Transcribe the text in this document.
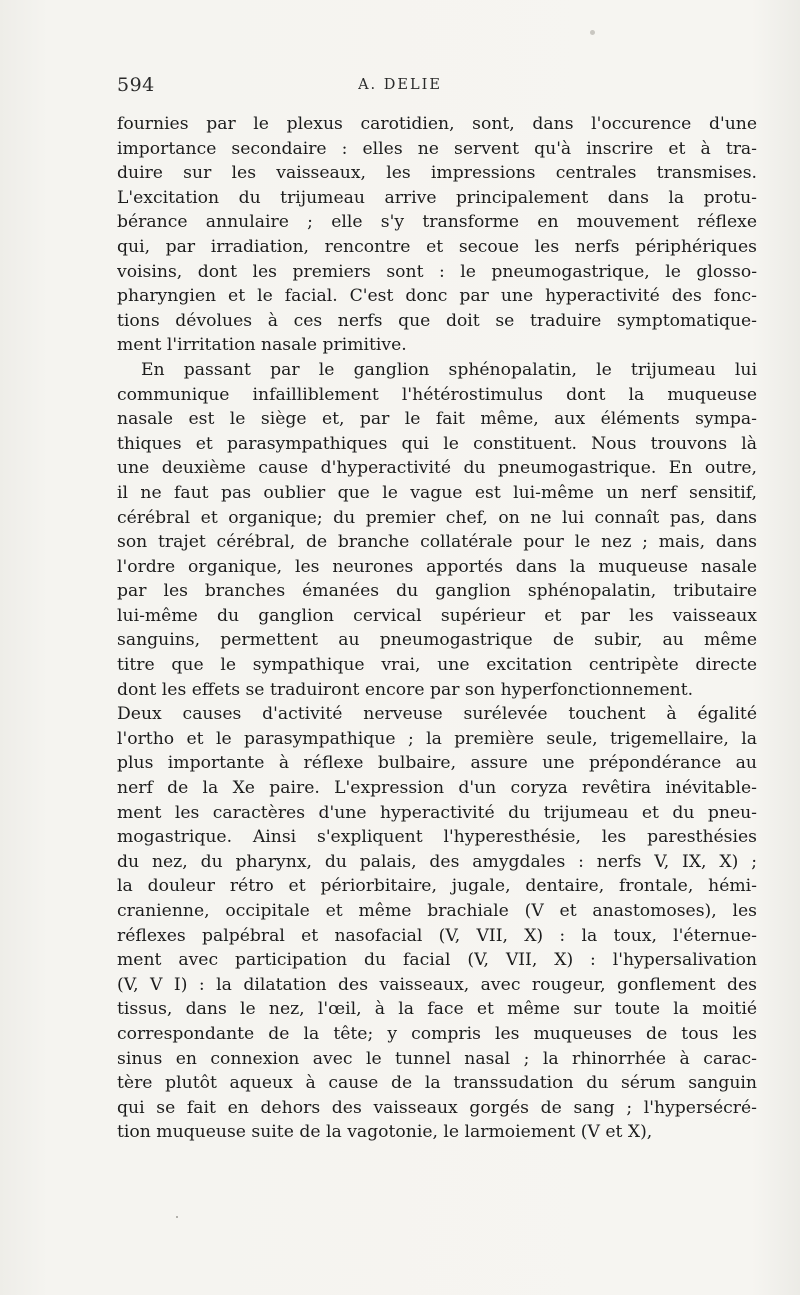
594	A. DELIE
fournies par le plexus carotidien, sont, dans l'occurence d'une
importance secondaire : elles ne servent qu'à inscrire et à tra-
duire sur les vaisseaux, les impressions centrales transmises.
L'excitation du trijumeau arrive principalement dans la protu-
bérance annulaire ; elle s'y transforme en mouvement réflexe
qui, par irradiation, rencontre et secoue les nerfs périphériques
voisins, dont les premiers sont : le pneumogastrique, le glosso-
pharyngien et le facial. C'est donc par une hyperactivité des fonc-
tions dévolues à ces nerfs que doit se traduire symptomatique-
ment l'irritation nasale primitive.
En passant par le ganglion sphénopalatin, le trijumeau lui
communique infailliblement l'hétérostimulus dont la muqueuse
nasale est le siège et, par le fait même, aux éléments sympa-
thiques et parasympathiques qui le constituent. Nous trouvons là
une deuxième cause d'hyperactivité du pneumogastrique. En outre,
il ne faut pas oublier que le vague est lui-même un nerf sensitif,
cérébral et organique; du premier chef, on ne lui connaît pas, dans
son trajet cérébral, de branche collatérale pour le nez ; mais, dans
l'ordre organique, les neurones apportés dans la muqueuse nasale
par les branches émanées du ganglion sphénopalatin, tributaire
lui-même du ganglion cervical supérieur et par les vaisseaux
sanguins, permettent au pneumogastrique de subir, au même
titre que le sympathique vrai, une excitation centripète directe
dont les effets se traduiront encore par son hyperfonctionnement.
Deux causes d'activité nerveuse surélevée touchent à égalité
l'ortho et le parasympathique ; la première seule, trigemellaire, la
plus importante à réflexe bulbaire, assure une prépondérance au
nerf de la Xe paire. L'expression d'un coryza revêtira inévitable-
ment les caractères d'une hyperactivité du trijumeau et du pneu-
mogastrique. Ainsi s'expliquent l'hyperesthésie, les paresthésies
du nez, du pharynx, du palais, des amygdales : nerfs V, IX, X) ;
la douleur rétro et périorbitaire, jugale, dentaire, frontale, hémi-
cranienne, occipitale et même brachiale (V et anastomoses), les
réflexes palpébral et nasofacial (V, VII, X) : la toux, l'éternue-
ment avec participation du facial (V, VII, X) : l'hypersalivation
(V, V I) : la dilatation des vaisseaux, avec rougeur, gonflement des
tissus, dans le nez, l'œil, à la face et même sur toute la moitié
correspondante de la tête; y compris les muqueuses de tous les
sinus en connexion avec le tunnel nasal ; la rhinorrhée à carac-
tère plutôt aqueux à cause de la transsudation du sérum sanguin
qui se fait en dehors des vaisseaux gorgés de sang ; l'hypersécré-
tion muqueuse suite de la vagotonie, le larmoiement (V et X),
